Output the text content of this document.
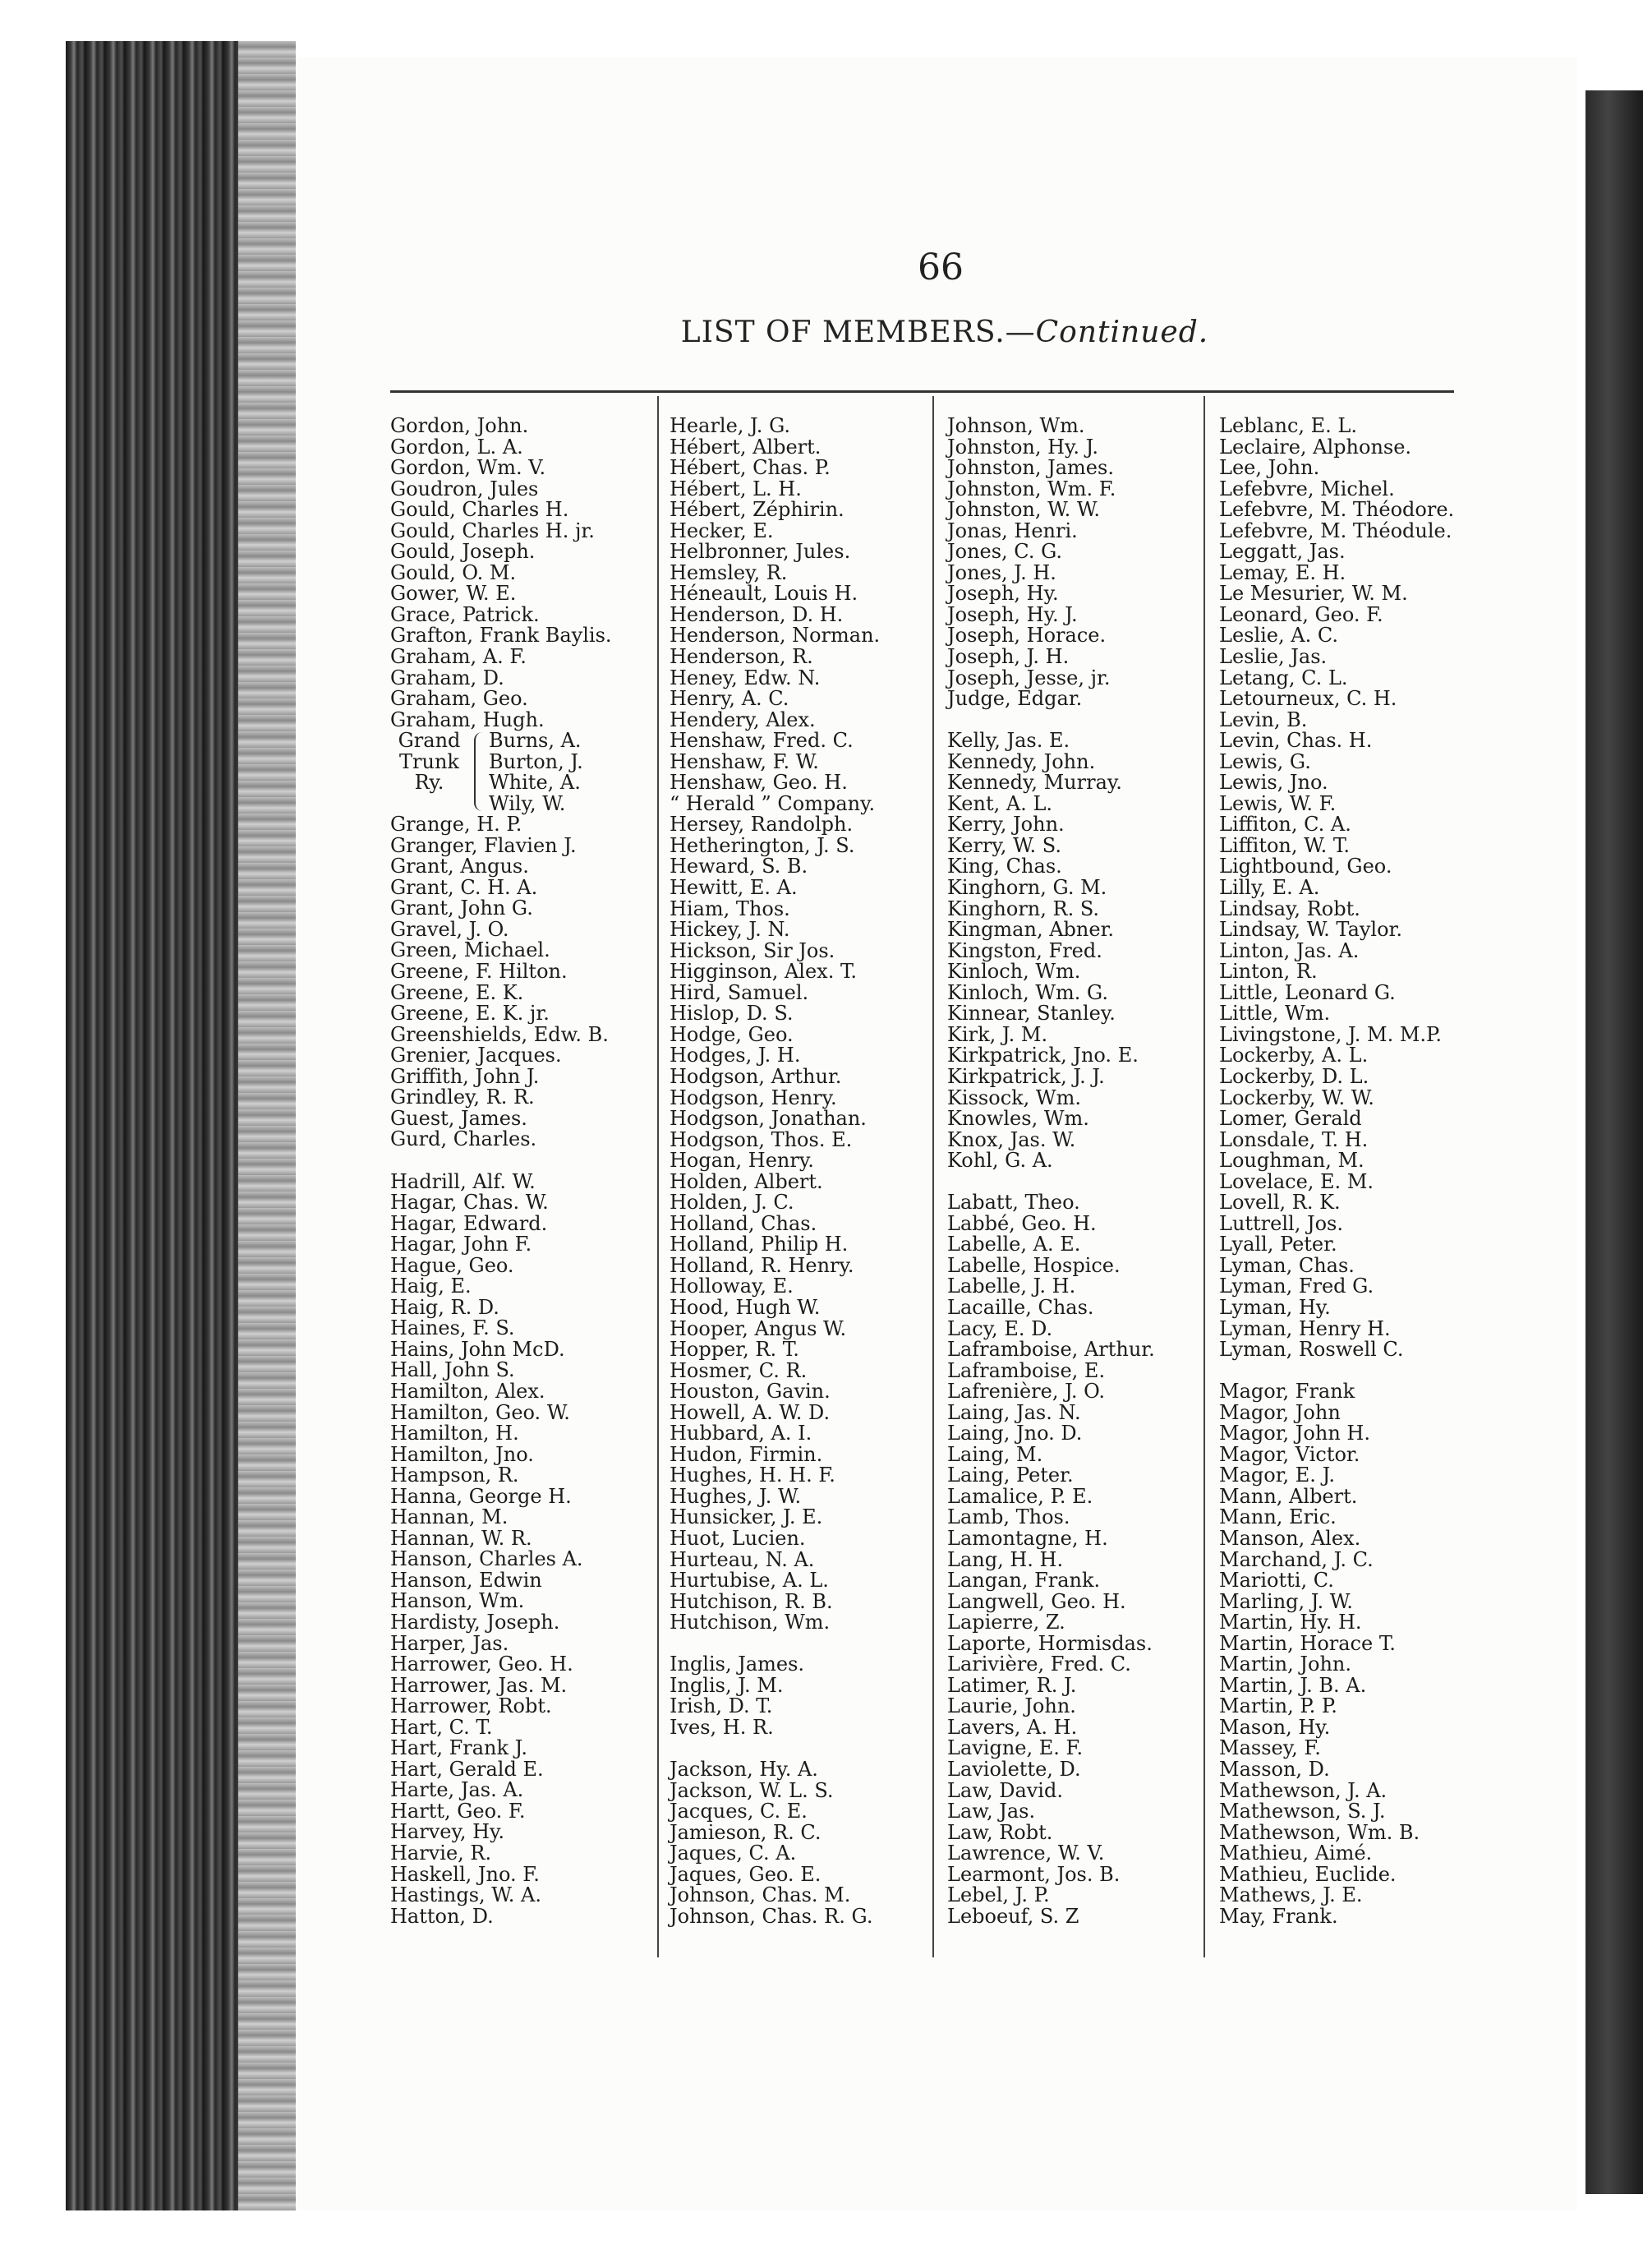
66
LIST OF MEMBERS.—Continued.
Gordon, John.
Gordon, L. A.
Gordon, Wm. V.
Goudron, Jules
Gould, Charles H.
Gould, Charles H. jr.
Gould, Joseph.
Gould, O. M.
Gower, W. E.
Grace, Patrick.
Grafton, Frank Baylis.
Graham, A. F.
Graham, D.
Graham, Geo.
Graham, Hugh.
Grand
Trunk
Ry.
Burns, A.
Burton, J.
White, A.
Wily, W.
Grange, H. P.
Granger, Flavien J.
Grant, Angus.
Grant, C. H. A.
Grant, John G.
Gravel, J. O.
Green, Michael.
Greene, F. Hilton.
Greene, E. K.
Greene, E. K. jr.
Greenshields, Edw. B.
Grenier, Jacques.
Griffith, John J.
Grindley, R. R.
Guest, James.
Gurd, Charles.
Hadrill, Alf. W.
Hagar, Chas. W.
Hagar, Edward.
Hagar, John F.
Hague, Geo.
Haig, E.
Haig, R. D.
Haines, F. S.
Hains, John McD.
Hall, John S.
Hamilton, Alex.
Hamilton, Geo. W.
Hamilton, H.
Hamilton, Jno.
Hampson, R.
Hanna, George H.
Hannan, M.
Hannan, W. R.
Hanson, Charles A.
Hanson, Edwin
Hanson, Wm.
Hardisty, Joseph.
Harper, Jas.
Harrower, Geo. H.
Harrower, Jas. M.
Harrower, Robt.
Hart, C. T.
Hart, Frank J.
Hart, Gerald E.
Harte, Jas. A.
Hartt, Geo. F.
Harvey, Hy.
Harvie, R.
Haskell, Jno. F.
Hastings, W. A.
Hatton, D.
Hearle, J. G.
Hébert, Albert.
Hébert, Chas. P.
Hébert, L. H.
Hébert, Zéphirin.
Hecker, E.
Helbronner, Jules.
Hemsley, R.
Héneault, Louis H.
Henderson, D. H.
Henderson, Norman.
Henderson, R.
Heney, Edw. N.
Henry, A. C.
Hendery, Alex.
Henshaw, Fred. C.
Henshaw, F. W.
Henshaw, Geo. H.
“ Herald ” Company.
Hersey, Randolph.
Hetherington, J. S.
Heward, S. B.
Hewitt, E. A.
Hiam, Thos.
Hickey, J. N.
Hickson, Sir Jos.
Higginson, Alex. T.
Hird, Samuel.
Hislop, D. S.
Hodge, Geo.
Hodges, J. H.
Hodgson, Arthur.
Hodgson, Henry.
Hodgson, Jonathan.
Hodgson, Thos. E.
Hogan, Henry.
Holden, Albert.
Holden, J. C.
Holland, Chas.
Holland, Philip H.
Holland, R. Henry.
Holloway, E.
Hood, Hugh W.
Hooper, Angus W.
Hopper, R. T.
Hosmer, C. R.
Houston, Gavin.
Howell, A. W. D.
Hubbard, A. I.
Hudon, Firmin.
Hughes, H. H. F.
Hughes, J. W.
Hunsicker, J. E.
Huot, Lucien.
Hurteau, N. A.
Hurtubise, A. L.
Hutchison, R. B.
Hutchison, Wm.
Inglis, James.
Inglis, J. M.
Irish, D. T.
Ives, H. R.
Jackson, Hy. A.
Jackson, W. L. S.
Jacques, C. E.
Jamieson, R. C.
Jaques, C. A.
Jaques, Geo. E.
Johnson, Chas. M.
Johnson, Chas. R. G.
Johnson, Wm.
Johnston, Hy. J.
Johnston, James.
Johnston, Wm. F.
Johnston, W. W.
Jonas, Henri.
Jones, C. G.
Jones, J. H.
Joseph, Hy.
Joseph, Hy. J.
Joseph, Horace.
Joseph, J. H.
Joseph, Jesse, jr.
Judge, Edgar.
Kelly, Jas. E.
Kennedy, John.
Kennedy, Murray.
Kent, A. L.
Kerry, John.
Kerry, W. S.
King, Chas.
Kinghorn, G. M.
Kinghorn, R. S.
Kingman, Abner.
Kingston, Fred.
Kinloch, Wm.
Kinloch, Wm. G.
Kinnear, Stanley.
Kirk, J. M.
Kirkpatrick, Jno. E.
Kirkpatrick, J. J.
Kissock, Wm.
Knowles, Wm.
Knox, Jas. W.
Kohl, G. A.
Labatt, Theo.
Labbé, Geo. H.
Labelle, A. E.
Labelle, Hospice.
Labelle, J. H.
Lacaille, Chas.
Lacy, E. D.
Laframboise, Arthur.
Laframboise, E.
Lafrenière, J. O.
Laing, Jas. N.
Laing, Jno. D.
Laing, M.
Laing, Peter.
Lamalice, P. E.
Lamb, Thos.
Lamontagne, H.
Lang, H. H.
Langan, Frank.
Langwell, Geo. H.
Lapierre, Z.
Laporte, Hormisdas.
Larivière, Fred. C.
Latimer, R. J.
Laurie, John.
Lavers, A. H.
Lavigne, E. F.
Laviolette, D.
Law, David.
Law, Jas.
Law, Robt.
Lawrence, W. V.
Learmont, Jos. B.
Lebel, J. P.
Leboeuf, S. Z
Leblanc, E. L.
Leclaire, Alphonse.
Lee, John.
Lefebvre, Michel.
Lefebvre, M. Théodore.
Lefebvre, M. Théodule.
Leggatt, Jas.
Lemay, E. H.
Le Mesurier, W. M.
Leonard, Geo. F.
Leslie, A. C.
Leslie, Jas.
Letang, C. L.
Letourneux, C. H.
Levin, B.
Levin, Chas. H.
Lewis, G.
Lewis, Jno.
Lewis, W. F.
Liffiton, C. A.
Liffiton, W. T.
Lightbound, Geo.
Lilly, E. A.
Lindsay, Robt.
Lindsay, W. Taylor.
Linton, Jas. A.
Linton, R.
Little, Leonard G.
Little, Wm.
Livingstone, J. M. M.P.
Lockerby, A. L.
Lockerby, D. L.
Lockerby, W. W.
Lomer, Gerald
Lonsdale, T. H.
Loughman, M.
Lovelace, E. M.
Lovell, R. K.
Luttrell, Jos.
Lyall, Peter.
Lyman, Chas.
Lyman, Fred G.
Lyman, Hy.
Lyman, Henry H.
Lyman, Roswell C.
Magor, Frank
Magor, John
Magor, John H.
Magor, Victor.
Magor, E. J.
Mann, Albert.
Mann, Eric.
Manson, Alex.
Marchand, J. C.
Mariotti, C.
Marling, J. W.
Martin, Hy. H.
Martin, Horace T.
Martin, John.
Martin, J. B. A.
Martin, P. P.
Mason, Hy.
Massey, F.
Masson, D.
Mathewson, J. A.
Mathewson, S. J.
Mathewson, Wm. B.
Mathieu, Aimé.
Mathieu, Euclide.
Mathews, J. E.
May, Frank.
